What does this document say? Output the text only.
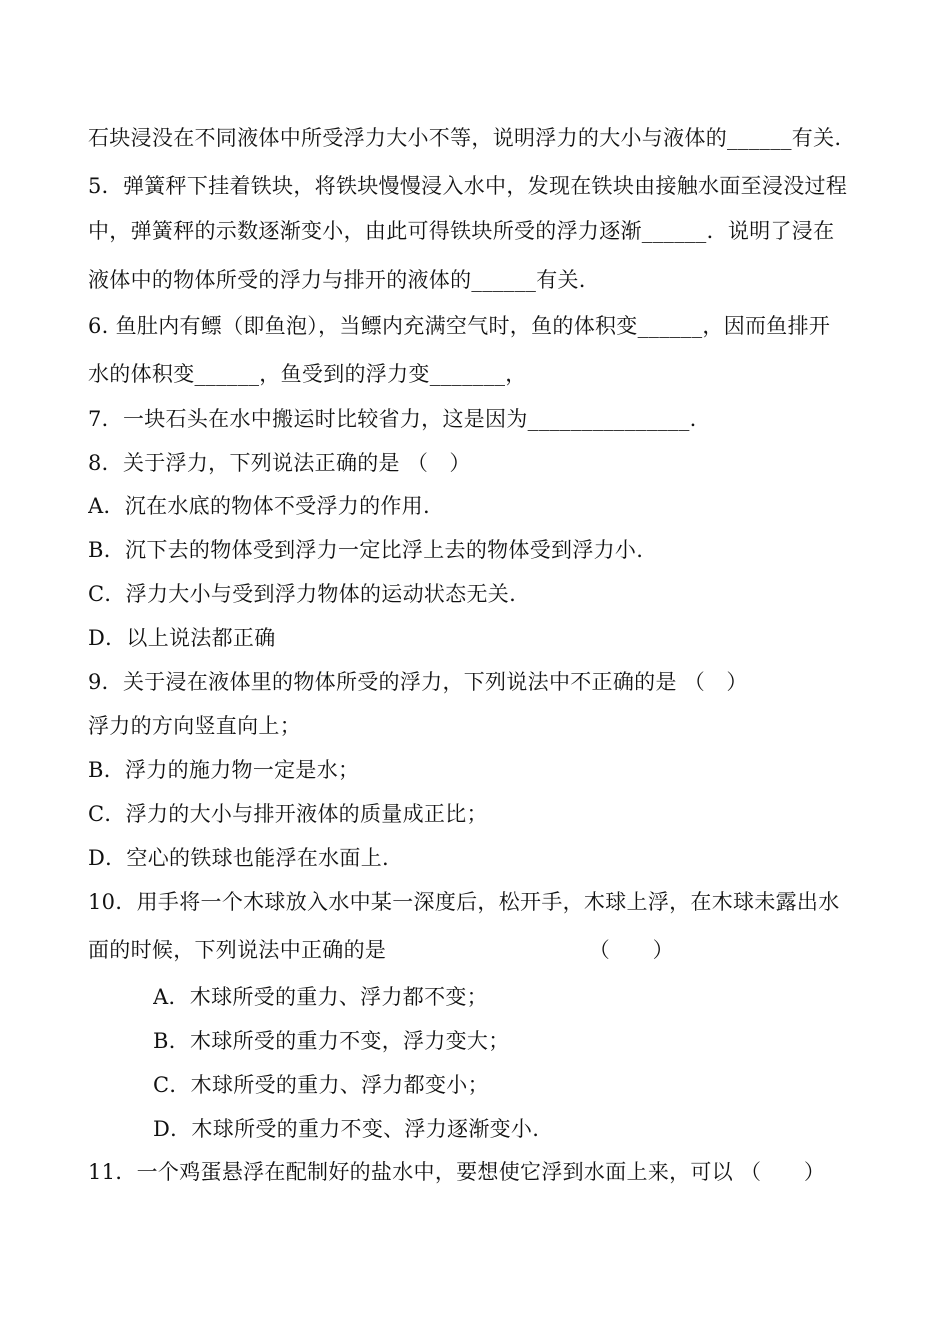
石块浸没在不同液体中所受浮力大小不等，说明浮力的大小与液体的______有关.
5．弹簧秤下挂着铁块，将铁块慢慢浸入水中，发现在铁块由接触水面至浸没过程
中，弹簧秤的示数逐渐变小，由此可得铁块所受的浮力逐渐______．说明了浸在
液体中的物体所受的浮力与排开的液体的______有关.
6. 鱼肚内有鳔（即鱼泡），当鳔内充满空气时，鱼的体积变______，因而鱼排开
水的体积变______，鱼受到的浮力变_______，
7．一块石头在水中搬运时比较省力，这是因为_______________.
8．关于浮力，下列说法正确的是 （　）
A．沉在水底的物体不受浮力的作用.
B．沉下去的物体受到浮力一定比浮上去的物体受到浮力小.
C．浮力大小与受到浮力物体的运动状态无关.
D．以上说法都正确
9．关于浸在液体里的物体所受的浮力，下列说法中不正确的是 （　）
浮力的方向竖直向上；
B．浮力的施力物一定是水；
C．浮力的大小与排开液体的质量成正比；
D．空心的铁球也能浮在水面上.
10．用手将一个木球放入水中某一深度后，松开手，木球上浮，在木球未露出水
面的时候，下列说法中正确的是　　　　　　　　　　（　　）
A．木球所受的重力、浮力都不变；
B．木球所受的重力不变，浮力变大；
C．木球所受的重力、浮力都变小；
D．木球所受的重力不变、浮力逐渐变小.
11．一个鸡蛋悬浮在配制好的盐水中，要想使它浮到水面上来，可以 （　　）
